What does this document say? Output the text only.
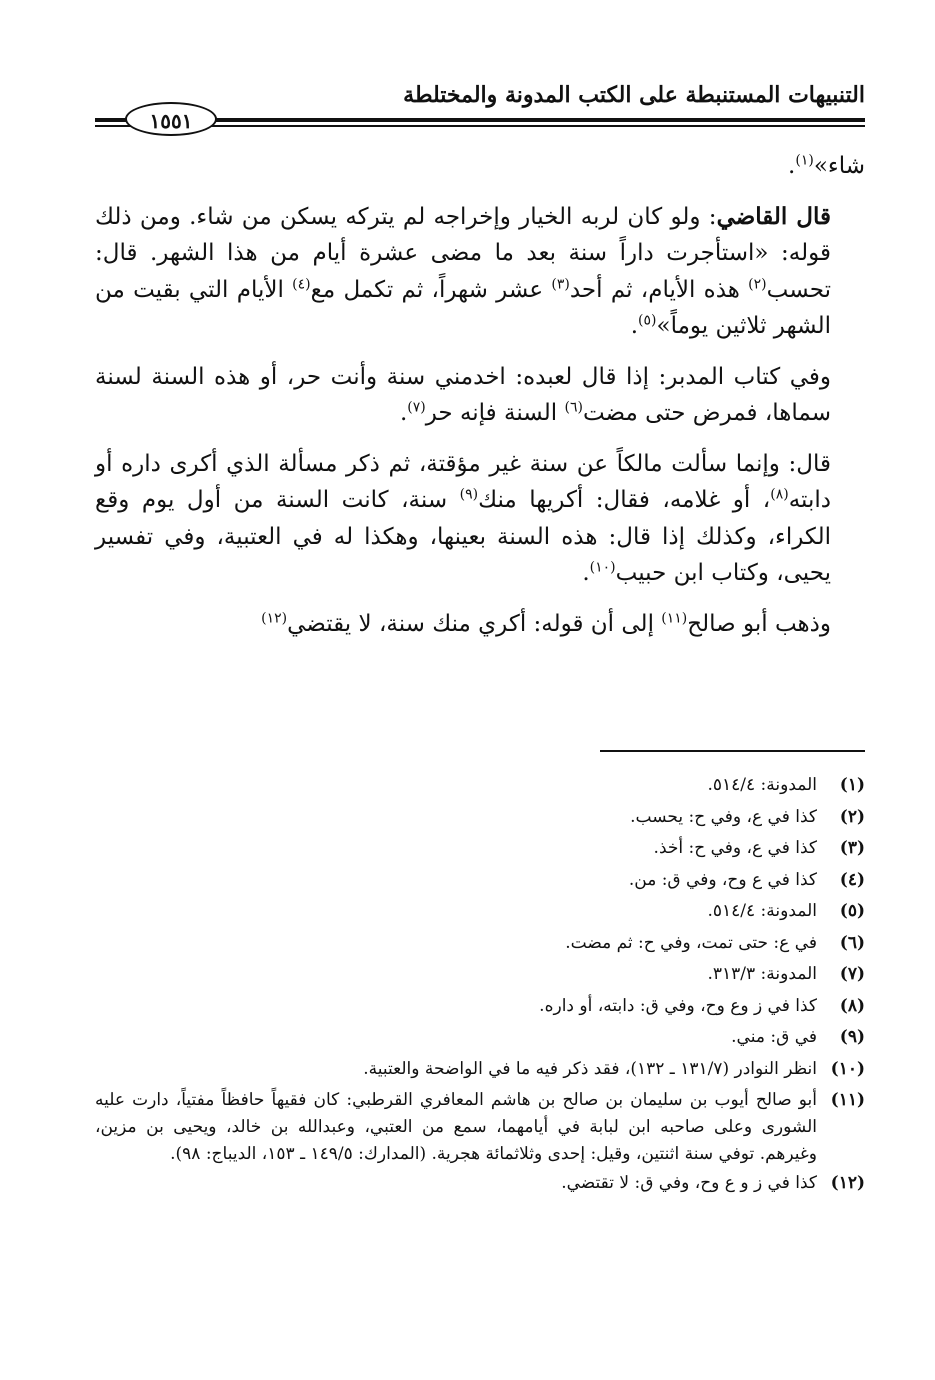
التنبيهات المستنبطة على الكتب المدونة والمختلطة
١٥٥١

شاء»$^{(١)}$.

قال القاضي: ولو كان لربه الخيار وإخراجه لم يتركه يسكن من شاء. ومن ذلك قوله: «استأجرت داراً سنة بعد ما مضى عشرة أيام من هذا الشهر. قال: تحسب$^{(٢)}$ هذه الأيام، ثم أحد$^{(٣)}$ عشر شهراً، ثم تكمل مع$^{(٤)}$ الأيام التي بقيت من الشهر ثلاثين يوماً»$^{(٥)}$.

وفي كتاب المدبر: إذا قال لعبده: اخدمني سنة وأنت حر، أو هذه السنة لسنة سماها، فمرض حتى مضت$^{(٦)}$ السنة فإنه حر$^{(٧)}$.

قال: وإنما سألت مالكاً عن سنة غير مؤقتة، ثم ذكر مسألة الذي أكرى داره أو دابته$^{(٨)}$، أو غلامه، فقال: أكريها منك$^{(٩)}$ سنة، كانت السنة من أول يوم وقع الكراء، وكذلك إذا قال: هذه السنة بعينها، وهكذا له في العتبية، وفي تفسير يحيى، وكتاب ابن حبيب$^{(١٠)}$.

وذهب أبو صالح$^{(١١)}$ إلى أن قوله: أكري منك سنة، لا يقتضي$^{(١٢)}$

(١)
المدونة: ٥١٤/٤.
(٢)
كذا في ع، وفي ح: يحسب.
(٣)
كذا في ع، وفي ح: أخذ.
(٤)
كذا في ع وح، وفي ق: من.
(٥)
المدونة: ٥١٤/٤.
(٦)
في ع: حتى تمت، وفي ح: ثم مضت.
(٧)
المدونة: ٣١٣/٣.
(٨)
كذا في ز وع وح، وفي ق: دابته، أو داره.
(٩)
في ق: مني.
(١٠)
انظر النوادر (١٣١/٧ ـ ١٣٢)، فقد ذكر فيه ما في الواضحة والعتبية.
(١١)
أبو صالح أيوب بن سليمان بن صالح بن هاشم المعافري القرطبي: كان فقيهاً حافظاً مفتياً، دارت عليه الشورى وعلى صاحبه ابن لبابة في أيامهما، سمع من العتبي، وعبدالله بن خالد، ويحيى بن مزين، وغيرهم. توفي سنة اثنتين، وقيل: إحدى وثلاثمائة هجرية. (المدارك: ١٤٩/٥ ـ ١٥٣، الديباج: ٩٨).
(١٢)
كذا في ز و ع وح، وفي ق: لا تقتضي.
